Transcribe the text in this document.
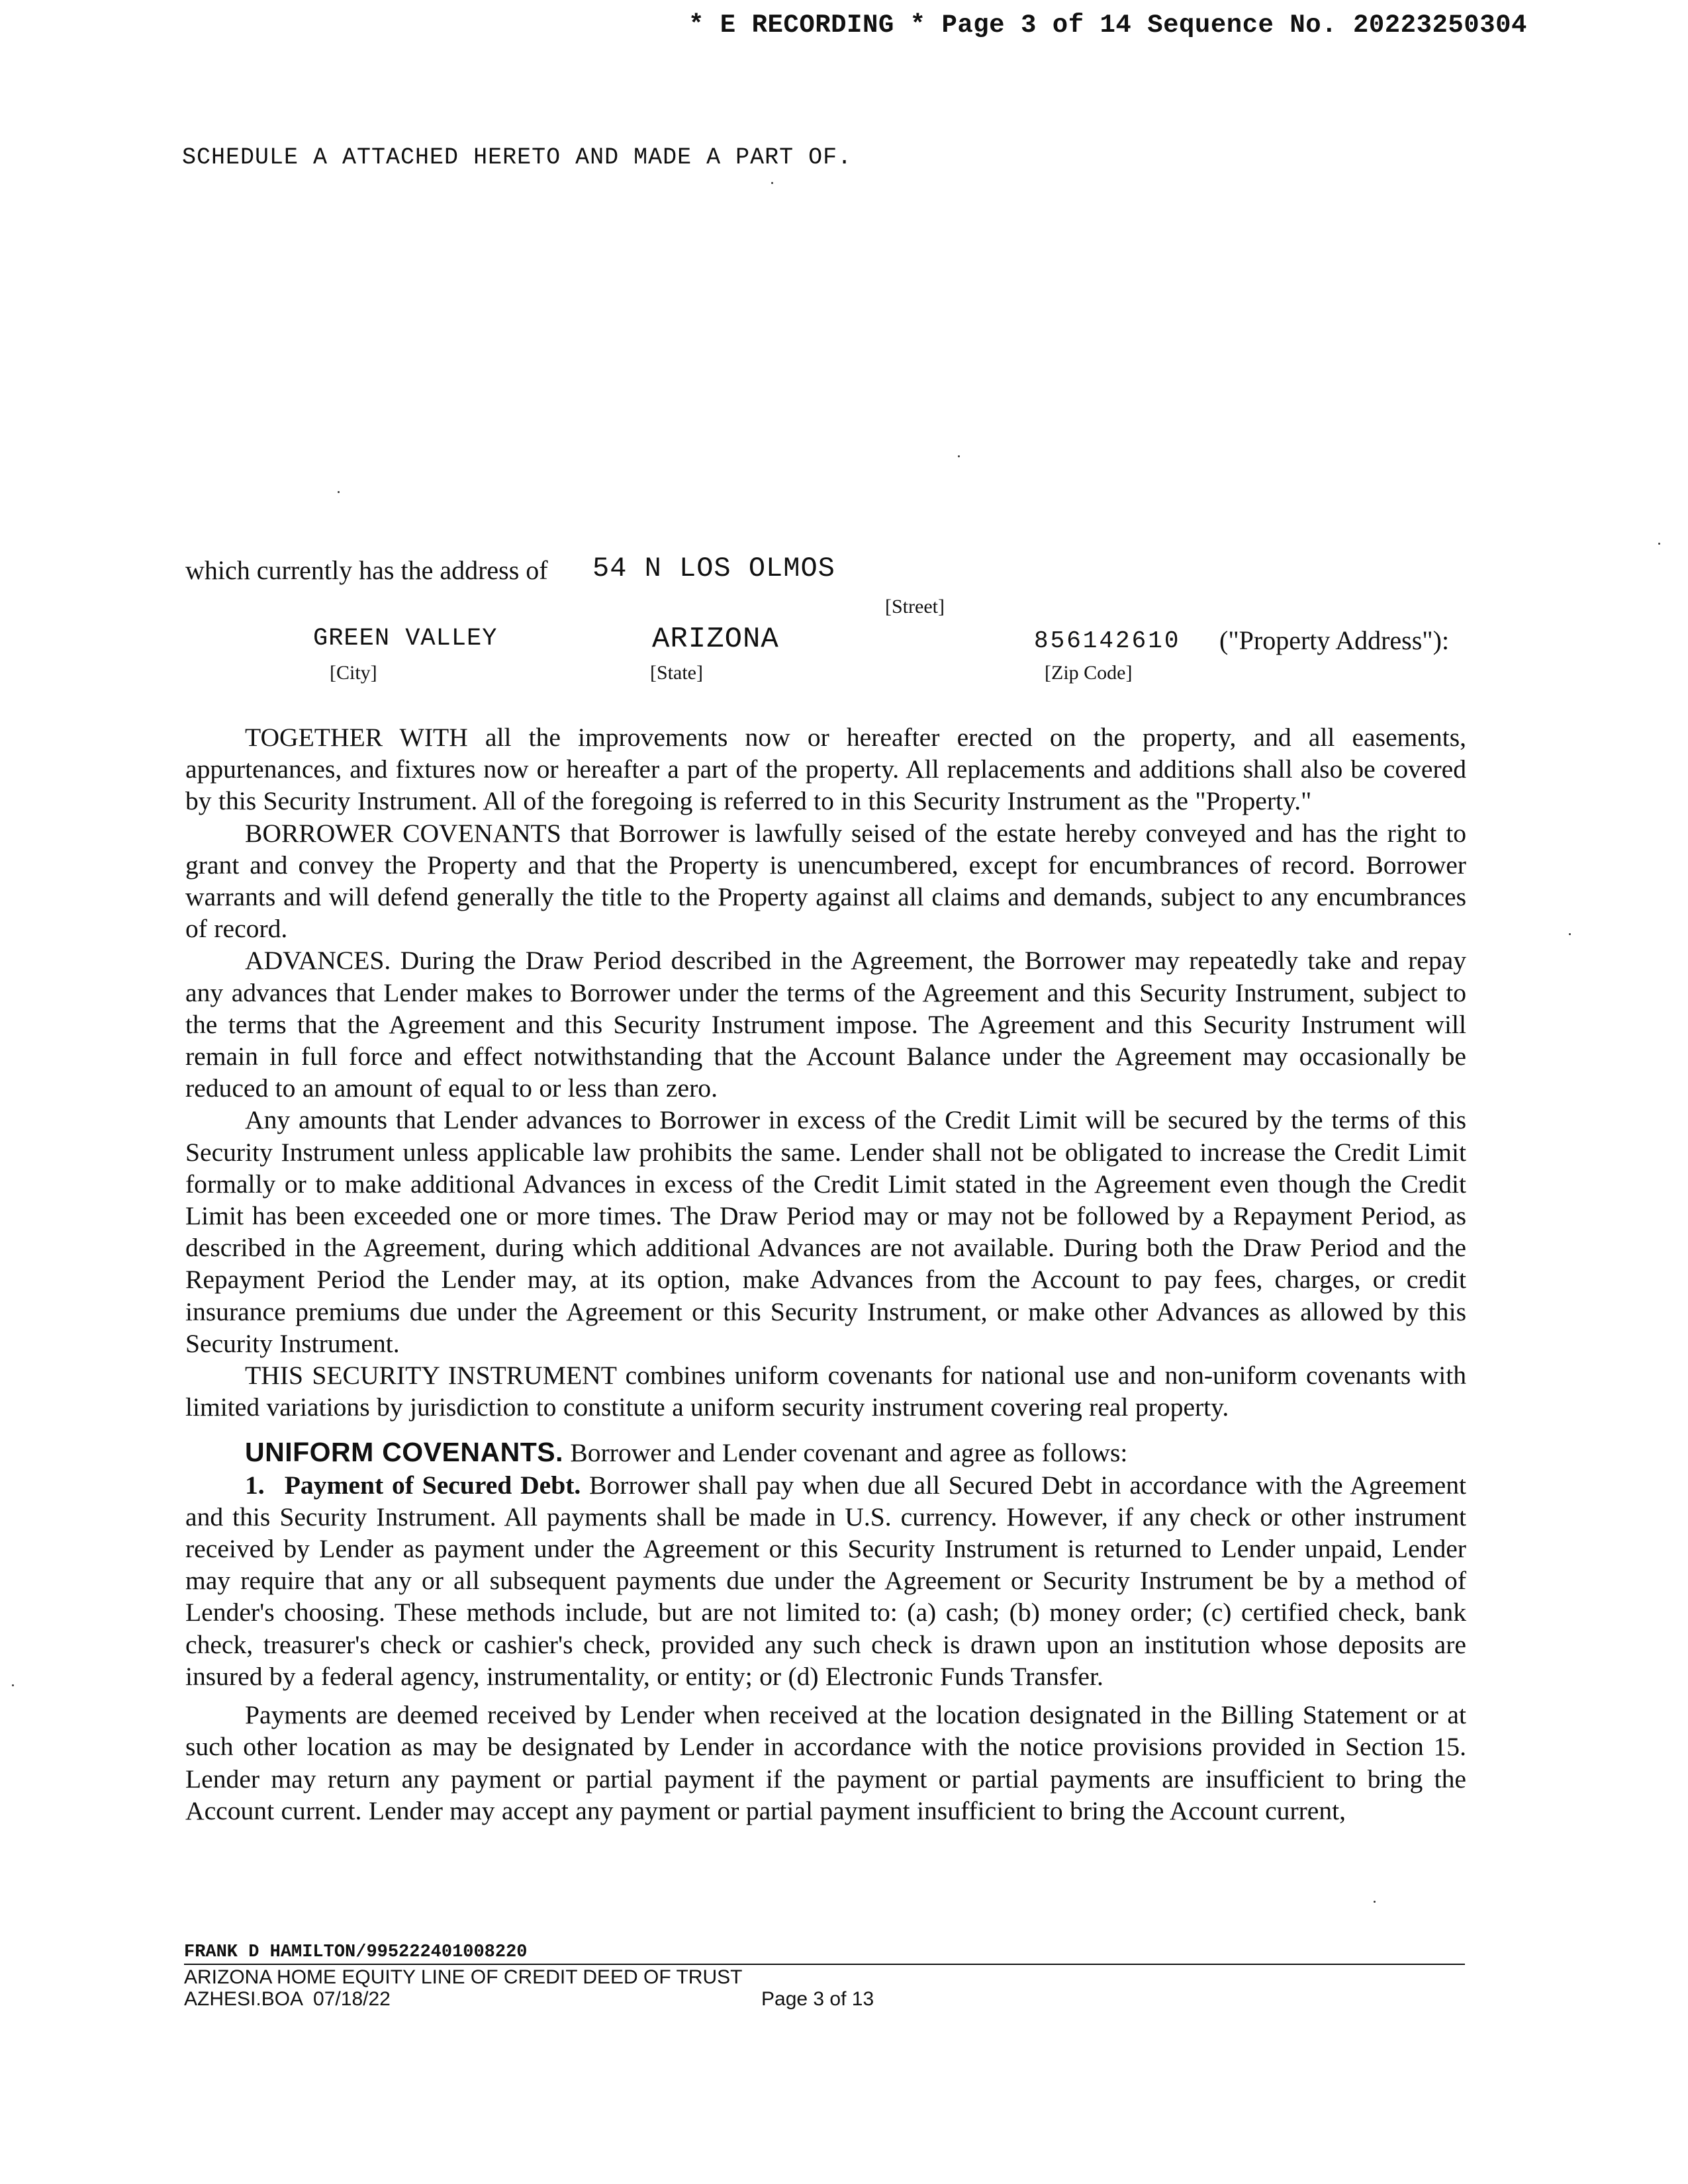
* E RECORDING * Page 3 of 14 Sequence No. 20223250304
SCHEDULE A ATTACHED HERETO AND MADE A PART OF.
which currently has the address of 54 N LOS OLMOS
[Street]
GREEN VALLEY	ARIZONA	856142610 ("Property Address"):
[City]	[State]	[Zip Code]

TOGETHER WITH all the improvements now or hereafter erected on the property, and all easements, appurtenances, and fixtures now or hereafter a part of the property. All replacements and additions shall also be covered by this Security Instrument. All of the foregoing is referred to in this Security Instrument as the "Property."

BORROWER COVENANTS that Borrower is lawfully seised of the estate hereby conveyed and has the right to grant and convey the Property and that the Property is unencumbered, except for encumbrances of record. Borrower warrants and will defend generally the title to the Property against all claims and demands, subject to any encumbrances of record.

ADVANCES. During the Draw Period described in the Agreement, the Borrower may repeatedly take and repay any advances that Lender makes to Borrower under the terms of the Agreement and this Security Instrument, subject to the terms that the Agreement and this Security Instrument impose. The Agreement and this Security Instrument will remain in full force and effect notwithstanding that the Account Balance under the Agreement may occasionally be reduced to an amount of equal to or less than zero.

Any amounts that Lender advances to Borrower in excess of the Credit Limit will be secured by the terms of this Security Instrument unless applicable law prohibits the same. Lender shall not be obligated to increase the Credit Limit formally or to make additional Advances in excess of the Credit Limit stated in the Agreement even though the Credit Limit has been exceeded one or more times. The Draw Period may or may not be followed by a Repayment Period, as described in the Agreement, during which additional Advances are not available. During both the Draw Period and the Repayment Period the Lender may, at its option, make Advances from the Account to pay fees, charges, or credit insurance premiums due under the Agreement or this Security Instrument, or make other Advances as allowed by this Security Instrument.

THIS SECURITY INSTRUMENT combines uniform covenants for national use and non-uniform covenants with limited variations by jurisdiction to constitute a uniform security instrument covering real property.

UNIFORM COVENANTS. Borrower and Lender covenant and agree as follows:

1. Payment of Secured Debt. Borrower shall pay when due all Secured Debt in accordance with the Agreement and this Security Instrument. All payments shall be made in U.S. currency. However, if any check or other instrument received by Lender as payment under the Agreement or this Security Instrument is returned to Lender unpaid, Lender may require that any or all subsequent payments due under the Agreement or Security Instrument be by a method of Lender's choosing. These methods include, but are not limited to: (a) cash; (b) money order; (c) certified check, bank check, treasurer's check or cashier's check, provided any such check is drawn upon an institution whose deposits are insured by a federal agency, instrumentality, or entity; or (d) Electronic Funds Transfer.

Payments are deemed received by Lender when received at the location designated in the Billing Statement or at such other location as may be designated by Lender in accordance with the notice provisions provided in Section 15. Lender may return any payment or partial payment if the payment or partial payments are insufficient to bring the Account current. Lender may accept any payment or partial payment insufficient to bring the Account current,

FRANK D HAMILTON/995222401008220
ARIZONA HOME EQUITY LINE OF CREDIT DEED OF TRUST
AZHESI.BOA  07/18/22	Page 3 of 13
